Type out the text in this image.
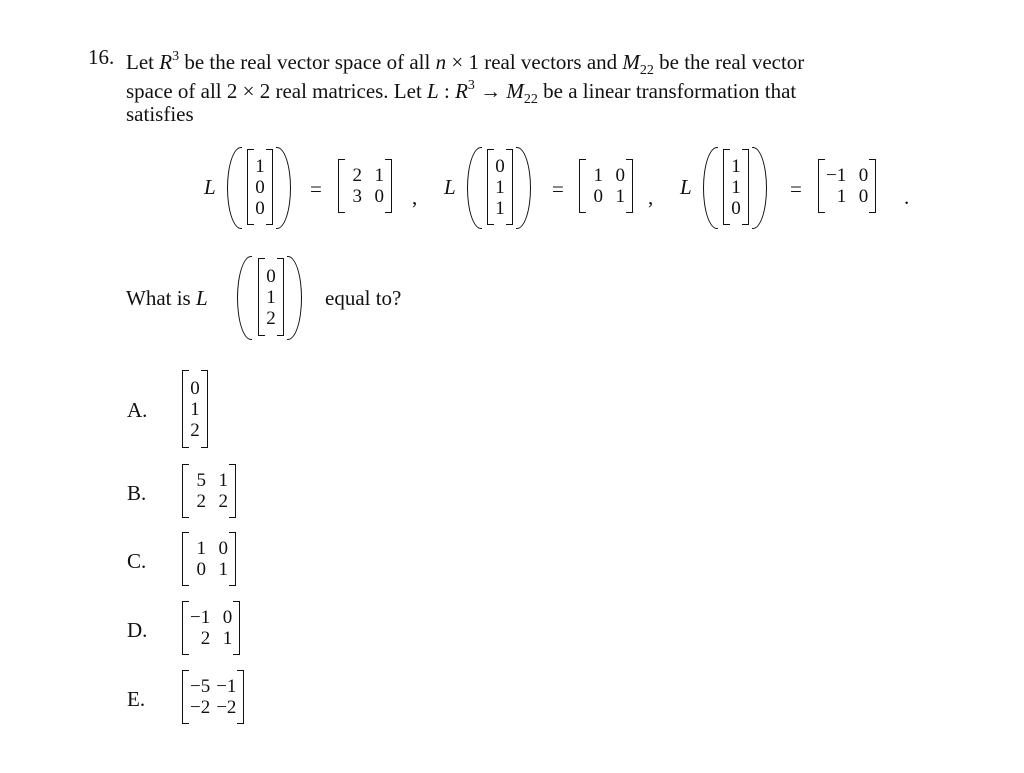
16. Let $R^3$ be the real vector space of all n × 1 real vectors and $M_{22}$ be the real vector
space of all 2 × 2 real matrices. Let L : $R^3 \to M_{22}$ be a linear transformation that
satisfies
L
1
0
0
=
2 1
3 0 , L
0
1
1
=
1 0
0 1 , L
1
1
0
=
−1 0
1 0 .
What is L
0
1
2
equal to?
A.
0
1
2
B.
5 1
2 2
C.
1 0
0 1
D.
−1 0
2 1
E.
−5 −1
−2 −2
